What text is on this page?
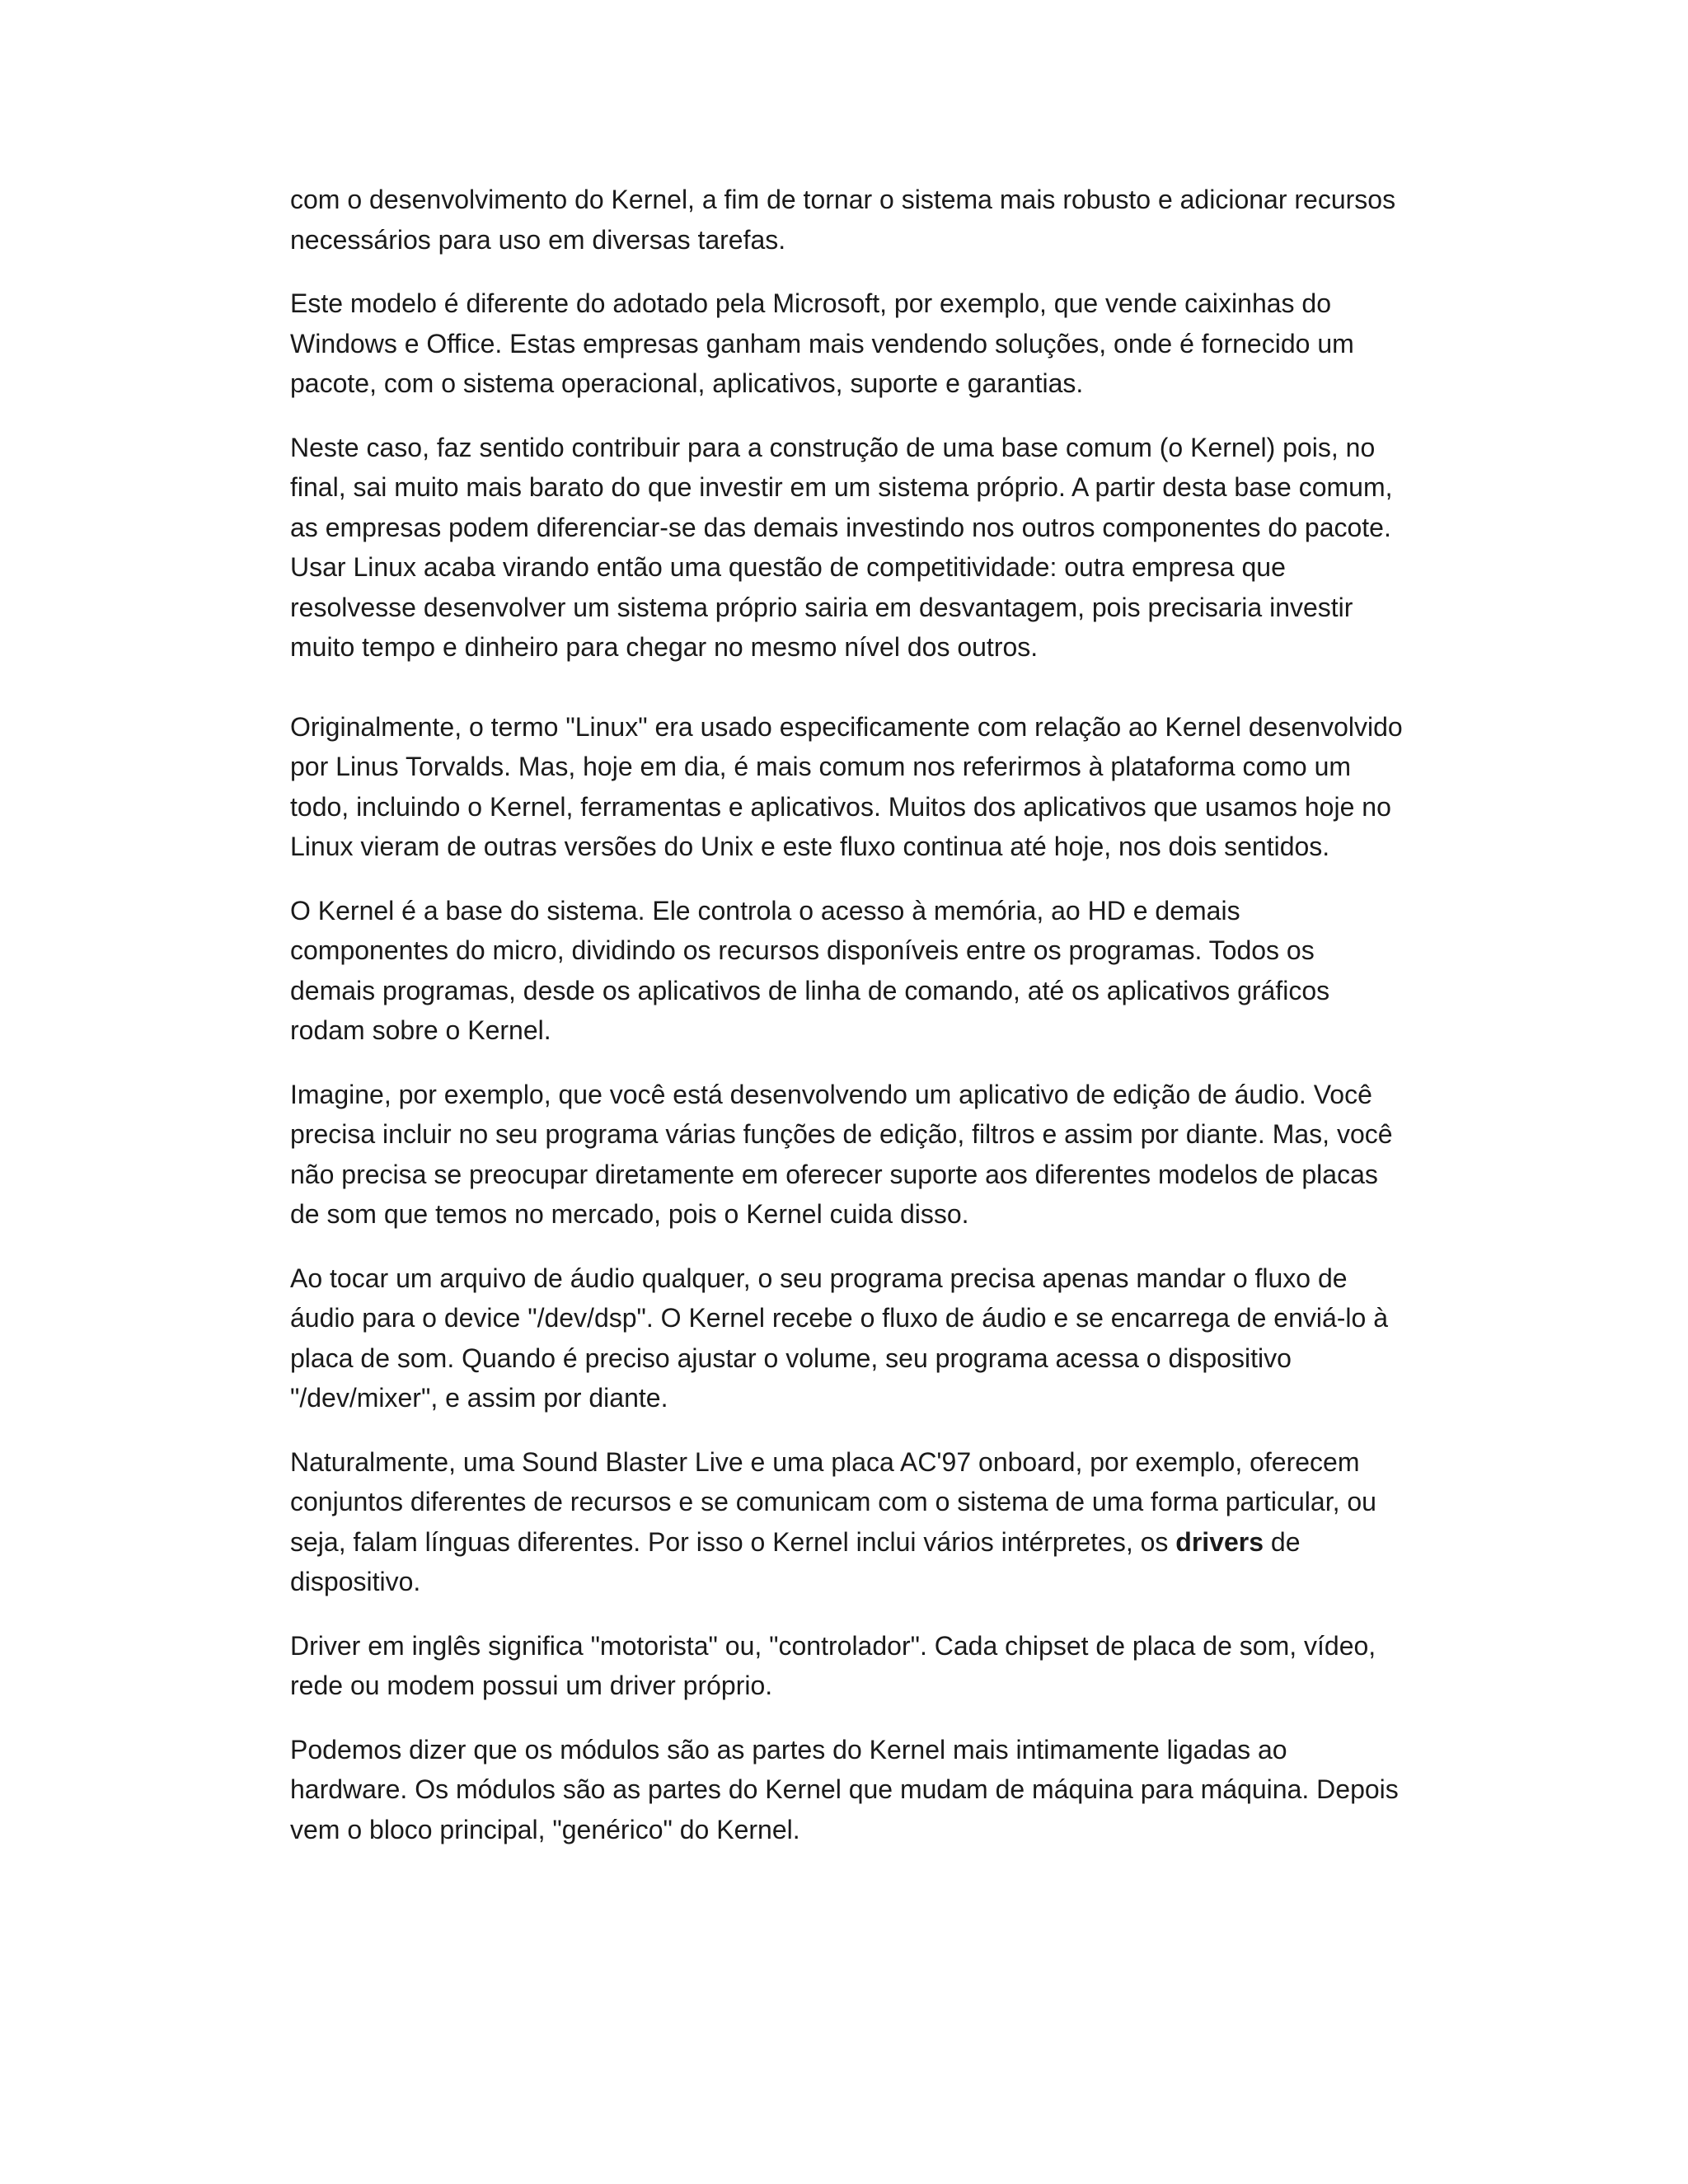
com o desenvolvimento do Kernel, a fim de tornar o sistema mais robusto e adicionar recursos necessários para uso em diversas tarefas.

Este modelo é diferente do adotado pela Microsoft, por exemplo, que vende caixinhas do Windows e Office. Estas empresas ganham mais vendendo soluções, onde é fornecido um pacote, com o sistema operacional, aplicativos, suporte e garantias.

Neste caso, faz sentido contribuir para a construção de uma base comum (o Kernel) pois, no final, sai muito mais barato do que investir em um sistema próprio. A partir desta base comum, as empresas podem diferenciar-se das demais investindo nos outros componentes do pacote. Usar Linux acaba virando então uma questão de competitividade: outra empresa que resolvesse desenvolver um sistema próprio sairia em desvantagem, pois precisaria investir muito tempo e dinheiro para chegar no mesmo nível dos outros.

Originalmente, o termo "Linux" era usado especificamente com relação ao Kernel desenvolvido por Linus Torvalds. Mas, hoje em dia, é mais comum nos referirmos à plataforma como um todo, incluindo o Kernel, ferramentas e aplicativos. Muitos dos aplicativos que usamos hoje no Linux vieram de outras versões do Unix e este fluxo continua até hoje, nos dois sentidos.

O Kernel é a base do sistema. Ele controla o acesso à memória, ao HD e demais componentes do micro, dividindo os recursos disponíveis entre os programas. Todos os demais programas, desde os aplicativos de linha de comando, até os aplicativos gráficos rodam sobre o Kernel.

Imagine, por exemplo, que você está desenvolvendo um aplicativo de edição de áudio. Você precisa incluir no seu programa várias funções de edição, filtros e assim por diante. Mas, você não precisa se preocupar diretamente em oferecer suporte aos diferentes modelos de placas de som que temos no mercado, pois o Kernel cuida disso.

Ao tocar um arquivo de áudio qualquer, o seu programa precisa apenas mandar o fluxo de áudio para o device "/dev/dsp". O Kernel recebe o fluxo de áudio e se encarrega de enviá-lo à placa de som. Quando é preciso ajustar o volume, seu programa acessa o dispositivo "/dev/mixer", e assim por diante.

Naturalmente, uma Sound Blaster Live e uma placa AC'97 onboard, por exemplo, oferecem conjuntos diferentes de recursos e se comunicam com o sistema de uma forma particular, ou seja, falam línguas diferentes. Por isso o Kernel inclui vários intérpretes, os drivers de dispositivo.

Driver em inglês significa "motorista" ou, "controlador". Cada chipset de placa de som, vídeo, rede ou modem possui um driver próprio.

Podemos dizer que os módulos são as partes do Kernel mais intimamente ligadas ao hardware. Os módulos são as partes do Kernel que mudam de máquina para máquina. Depois vem o bloco principal, "genérico" do Kernel.
